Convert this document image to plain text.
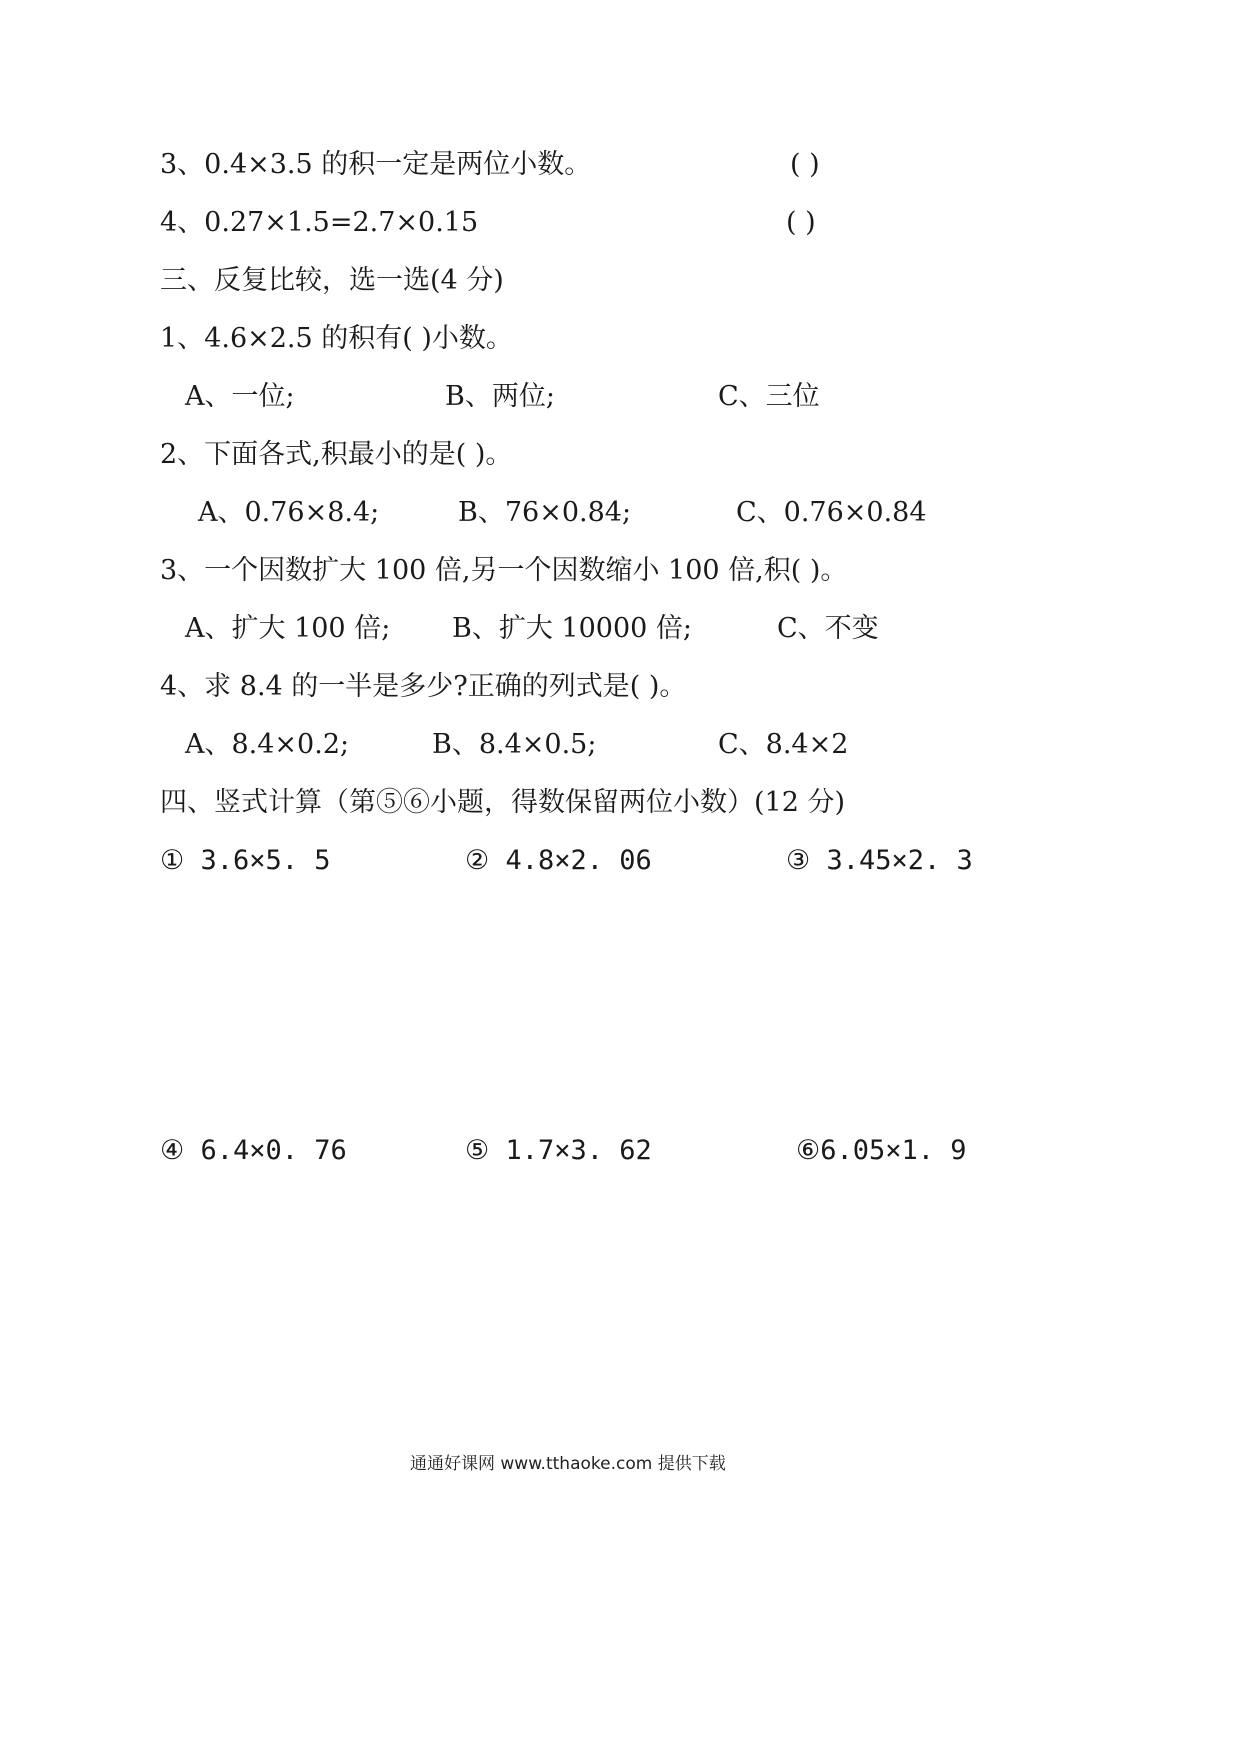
3、0.4×3.5 的积一定是两位小数。	( )
4、0.27×1.5=2.7×0.15	( )
三、反复比较，选一选(4 分)
1、4.6×2.5 的积有( )小数。
A、一位;	B、两位;	C、三位
2、下面各式,积最小的是( )。
A、0.76×8.4;	B、76×0.84;	C、0.76×0.84
3、一个因数扩大 100 倍,另一个因数缩小 100 倍,积( )。
A、扩大 100 倍; B、扩大 10000 倍;	C、不变
4、求 8.4 的一半是多少?正确的列式是( )。
A、8.4×0.2;	B、8.4×0.5;	C、8.4×2
四、竖式计算（第⑤⑥小题，得数保留两位小数）(12 分)
① 3.6×5. 5	② 4.8×2. 06	③ 3.45×2. 3
④ 6.4×0. 76	⑤ 1.7×3. 62	⑥6.05×1. 9
通通好课网 www.tthaoke.com 提供下载
